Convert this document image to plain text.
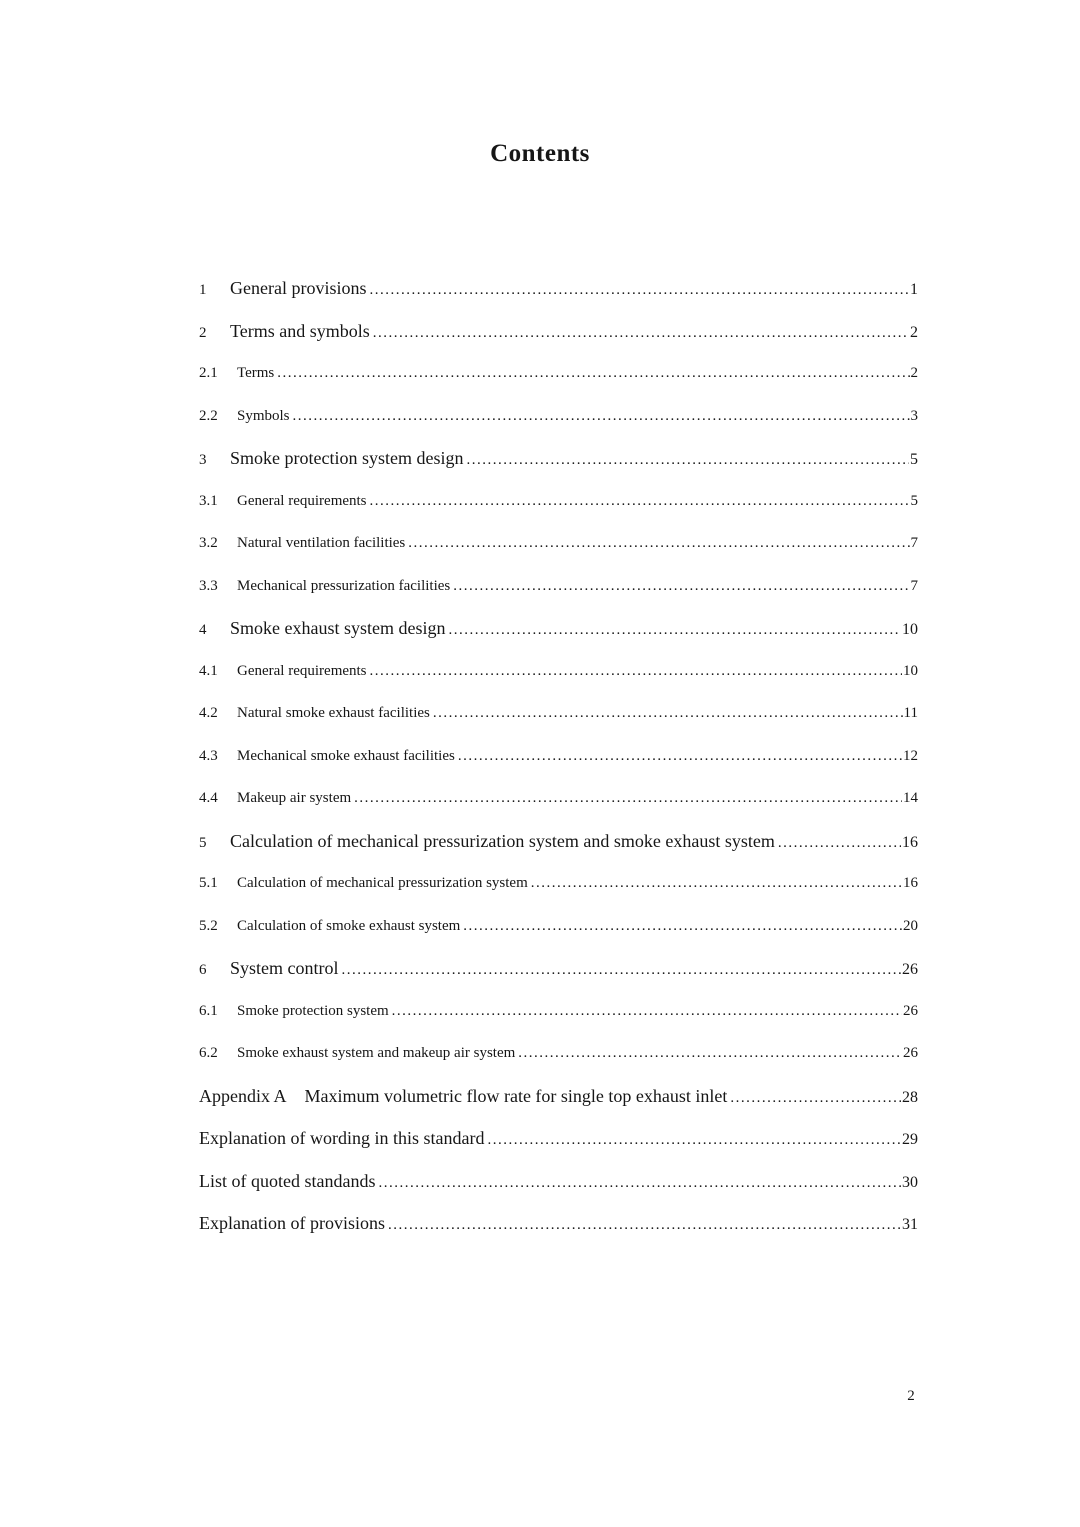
Contents
1	General provisions .....	1
2	Terms and symbols .....	2
2.1	Terms .....	2
2.2	Symbols .....	3
3	Smoke protection system design .....	5
3.1	General requirements .....	5
3.2	Natural ventilation facilities .....	7
3.3	Mechanical pressurization facilities .....	7
4	Smoke exhaust system design .....	10
4.1	General requirements .....	10
4.2	Natural smoke exhaust facilities .....	11
4.3	Mechanical smoke exhaust facilities .....	12
4.4	Makeup air system .....	14
5	Calculation of mechanical pressurization system and smoke exhaust system .....	16
5.1	Calculation of mechanical pressurization system .....	16
5.2	Calculation of smoke exhaust system .....	20
6	System control .....	26
6.1	Smoke protection system .....	26
6.2	Smoke exhaust system and makeup air system .....	26
Appendix A Maximum volumetric flow rate for single top exhaust inlet .....	28
Explanation of wording in this standard .....	29
List of quoted standands .....	30
Explanation of provisions .....	31
2
